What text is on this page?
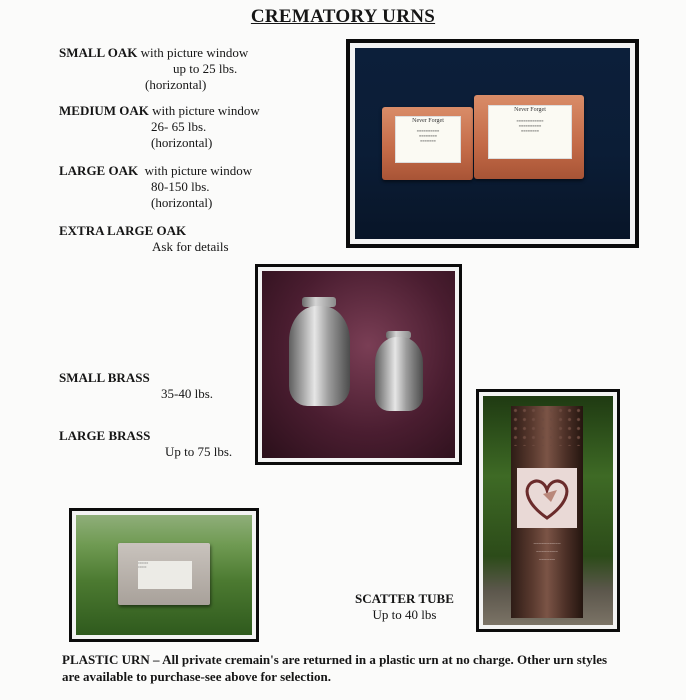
CREMATORY URNS
SMALL OAK with picture window
up to 25 lbs.
(horizontal)
MEDIUM OAK with picture window
26- 65 lbs.
(horizontal)
LARGE OAK with picture window
80-150 lbs.
(horizontal)
EXTRA LARGE OAK
Ask for details
Never Forget
≡≡≡≡≡≡≡≡≡≡
≡≡≡≡≡≡≡≡
≡≡≡≡≡≡≡
Never Forget
≡≡≡≡≡≡≡≡≡≡≡≡
≡≡≡≡≡≡≡≡≡≡
≡≡≡≡≡≡≡≡
SMALL BRASS
35-40 lbs.
LARGE BRASS
Up to 75 lbs.
~~~~~~~~~~
~~~~~~~~
~~~~~~
≡≡≡≡≡≡
≡≡≡≡≡
SCATTER TUBE
Up to 40 lbs
PLASTIC URN – All private cremain's are returned in a plastic urn at no charge. Other urn styles are available to purchase-see above for selection.
